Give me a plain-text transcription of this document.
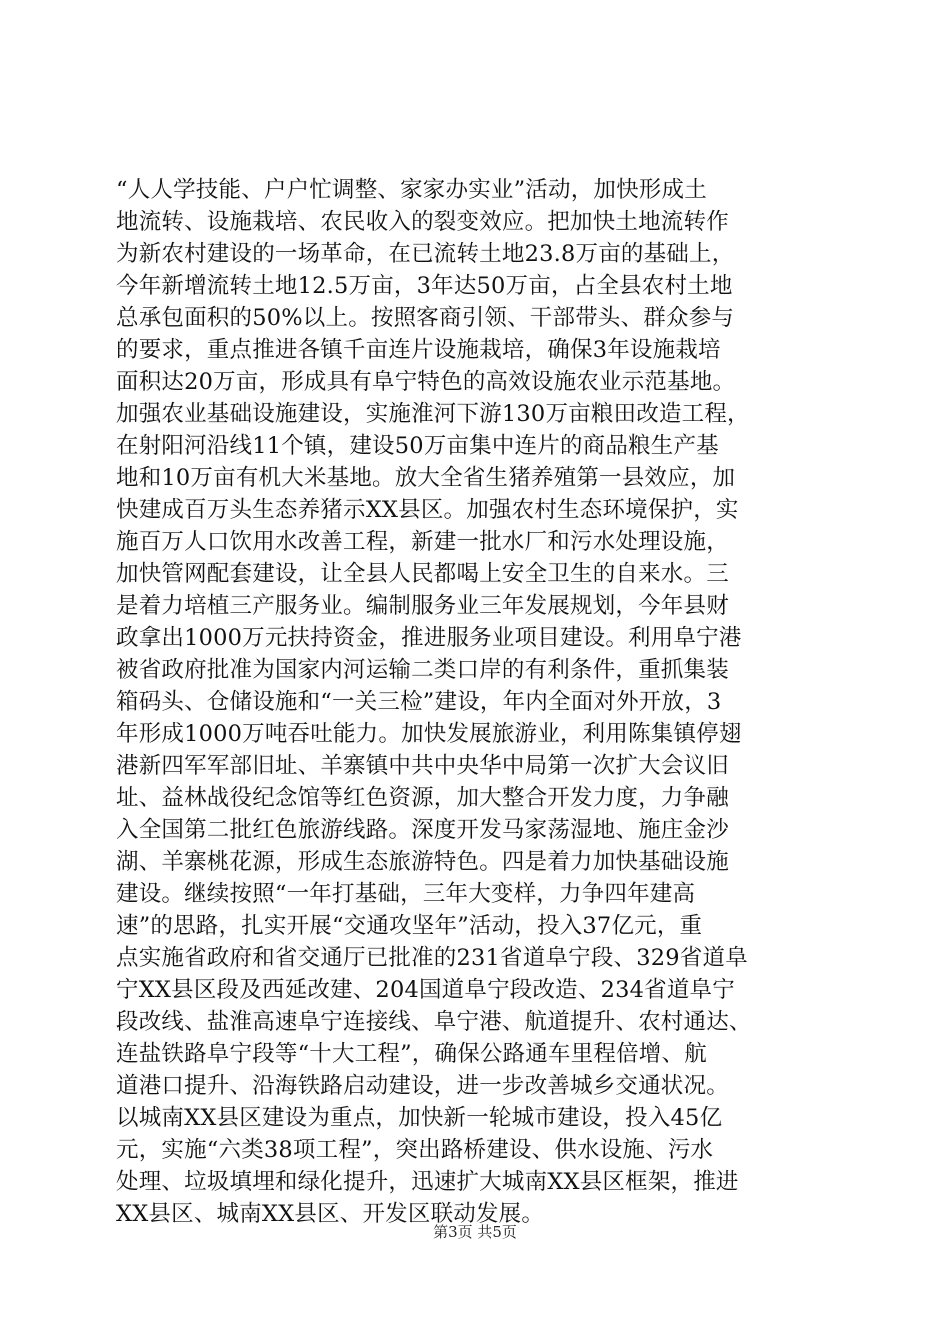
“人人学技能、户户忙调整、家家办实业”活动，加快形成土
地流转、设施栽培、农民收入的裂变效应。把加快土地流转作
为新农村建设的一场革命，在已流转土地23.8万亩的基础上，
今年新增流转土地12.5万亩，3年达50万亩，占全县农村土地
总承包面积的50%以上。按照客商引领、干部带头、群众参与
的要求，重点推进各镇千亩连片设施栽培，确保3年设施栽培
面积达20万亩，形成具有阜宁特色的高效设施农业示范基地。
加强农业基础设施建设，实施淮河下游130万亩粮田改造工程，
在射阳河沿线11个镇，建设50万亩集中连片的商品粮生产基
地和10万亩有机大米基地。放大全省生猪养殖第一县效应，加
快建成百万头生态养猪示XX县区。加强农村生态环境保护，实
施百万人口饮用水改善工程，新建一批水厂和污水处理设施，
加快管网配套建设，让全县人民都喝上安全卫生的自来水。三
是着力培植三产服务业。编制服务业三年发展规划，今年县财
政拿出1000万元扶持资金，推进服务业项目建设。利用阜宁港
被省政府批准为国家内河运输二类口岸的有利条件，重抓集装
箱码头、仓储设施和“一关三检”建设，年内全面对外开放，3
年形成1000万吨吞吐能力。加快发展旅游业，利用陈集镇停翅
港新四军军部旧址、羊寨镇中共中央华中局第一次扩大会议旧
址、益林战役纪念馆等红色资源，加大整合开发力度，力争融
入全国第二批红色旅游线路。深度开发马家荡湿地、施庄金沙
湖、羊寨桃花源，形成生态旅游特色。四是着力加快基础设施
建设。继续按照“一年打基础，三年大变样，力争四年建高
速”的思路，扎实开展“交通攻坚年”活动，投入37亿元，重
点实施省政府和省交通厅已批准的231省道阜宁段、329省道阜
宁XX县区段及西延改建、204国道阜宁段改造、234省道阜宁
段改线、盐淮高速阜宁连接线、阜宁港、航道提升、农村通达、
连盐铁路阜宁段等“十大工程”，确保公路通车里程倍增、航
道港口提升、沿海铁路启动建设，进一步改善城乡交通状况。
以城南XX县区建设为重点，加快新一轮城市建设，投入45亿
元，实施“六类38项工程”，突出路桥建设、供水设施、污水
处理、垃圾填埋和绿化提升，迅速扩大城南XX县区框架，推进
XX县区、城南XX县区、开发区联动发展。
第3页 共5页
